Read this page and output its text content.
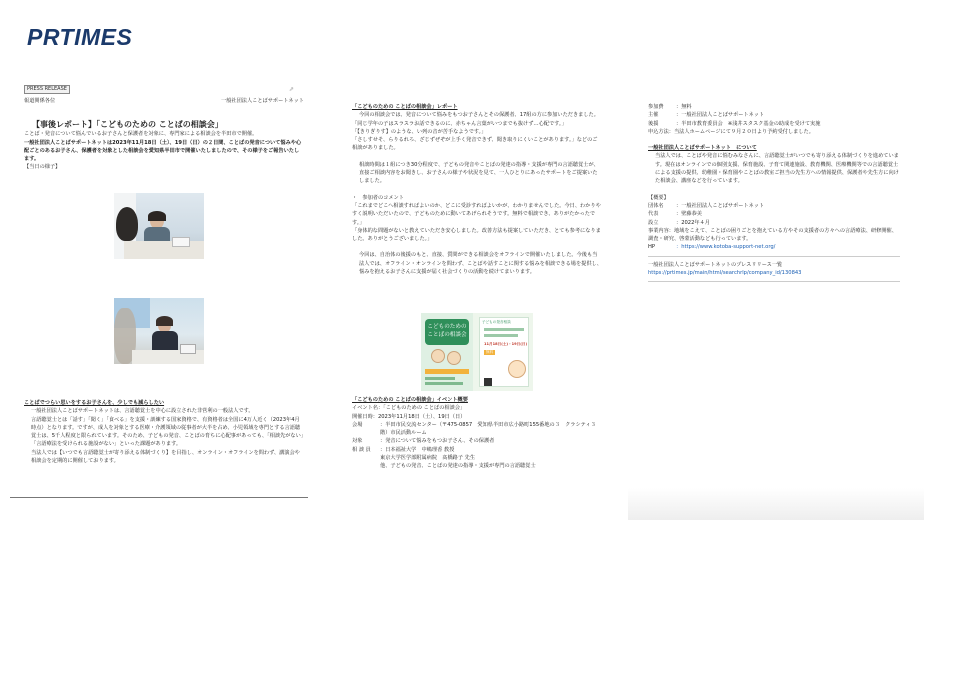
PRTIMES
PRESS RELEASE	⇗
報道関係各位	一般社団法人ことばサポートネット
【事後レポート】「こどものための ことばの相談会」

ことば・発音について悩んでいるお子さんと保護者を対象に、専門家による相談会を半田市で開催。

一般社団法人ことばサポートネットは2023年11月18日（土）、19日（日）の２日間、ことばの発音について悩みや心配ごとのあるお子さん、保護者を対象とした相談会を愛知県半田市で開催いたしましたので、その様子をご報告いたします。

【当日の様子】

ことばでつらい思いをするお子さんを、少しでも減らしたい

一般社団法人ことばサポートネットは、言語聴覚士を中心に設立された非営利の一般法人です。

言語聴覚士とは「話す」「聞く」「食べる」を支援・訓練する国家資格で、有資格者は全国に4万人近く（2023年4月時点）となります。ですが、成人を対象とする医療・介護領域の従事者が大半を占め、小児領域を専門とする言語聴覚士は、5千人程度と限られています。そのため、子どもの発音、ことばの育ちに心配事があっても、「相談先がない」「言語療法を受けられる施設がない」といった課題があります。

当法人では【いつでも言語聴覚士が寄り添える体制づくり】を目指し、オンライン・オフラインを問わず、講演会や相談会を定期的に開催しております。

「こどものための ことばの相談会」レポート

今回の相談会では、発音について悩みをもつお子さんとその保護者、17組の方に参加いただきました。

「同じ学年の子はスラスラお話できるのに、赤ちゃん言葉がいつまでも抜けず…心配です。」

「【きりぎりす】のような、い列の音が苦手なようです。」

「さしすせそ、らりるれろ、ざじずぜぞが上手く発音できず、聞き取りにくいことがあります。」などのご相談がありました。

相談時間は１組につき30分程度で、子どもの発音やことばの発達の指導・支援が専門の言語聴覚士が、直接ご相談内容をお聞きし、お子さんの様子や状況を見て、一人ひとりにあったサポートをご提案いたしました。

・　参加者のコメント

「これまでどこへ相談すればよいのか、どこに受診すればよいかが、わかりませんでした。今日、わかりやすく説明いただいたので、子どものために動いてあげられそうです。無料で相談でき、ありがたかったです。」

「身体的な問題がないと教えていただき安心しました。改善方法も提案していただき、とても参考になりました。ありがとうございました。」

今回は、自治体の後援のもと、直接、質問ができる相談会をオフラインで開催いたしました。今後も当法人では、オフライン・オンラインを問わず、ことばや話すことに関する悩みを相談できる場を提供し、悩みを抱えるお子さんに支援が届く社会づくりの活動を続けてまいります。

「こどものための ことばの相談会」イベント概要

イベント名：「こどものための ことばの相談会」

開催日時：2023年11月18日（土）、19日（日）

会場	：半田市民交流センター（〒475-0857　愛知県半田市広小路町155番地の３　クラシティ３階）市民活動ルーム
対象	：発音について悩みをもつお子さん、その保護者
相 談 員	：日本福祉大学　中嶋理香 教授

東京大学医学部附属病院　髙橋路子 先生

他、子どもの発音、ことばの発達の指導・支援が専門の言語聴覚士

こどものための
ことばの相談会
子どもの発音相談
11月18日(土)・19日(日)
無料
参加費	：無料
主催	：一般社団法人ことばサポートネット
後援	：半田市教育委員会　※浅井スタスク基金の助成を受けて実施

申込方法：当法人ホームページにて９月２０日より予約受付しました。

一般社団法人ことばサポートネット　について

当法人では、ことばや発音に悩むみなさんに、言語聴覚士がいつでも寄り添える体制づくりを進めています。現在はオンラインでの個別支援、保育施設、子育て関連施設、教育機関、医療機関等での言語聴覚士による支援の提供、幼稚園・保育園やことばの教室ご担当の先生方への情報提供、保護者や先生方に向けた相談会、講座などを行っています。

【概要】

団体名	：一般社団法人ことばサポートネット
代表	：壁藤恭美
設立	：2022年４月

事業内容：地域をこえて、ことばの困りごとを抱えている方やその支援者の方々への言語療法、研修開催、調査・研究、啓蒙活動なども行っています。

HP	：https://www.kotoba-support-net.org/

一般社団法人ことばサポートネットのプレスリリース一覧

https://prtimes.jp/main/html/searchrlp/company_id/130843
